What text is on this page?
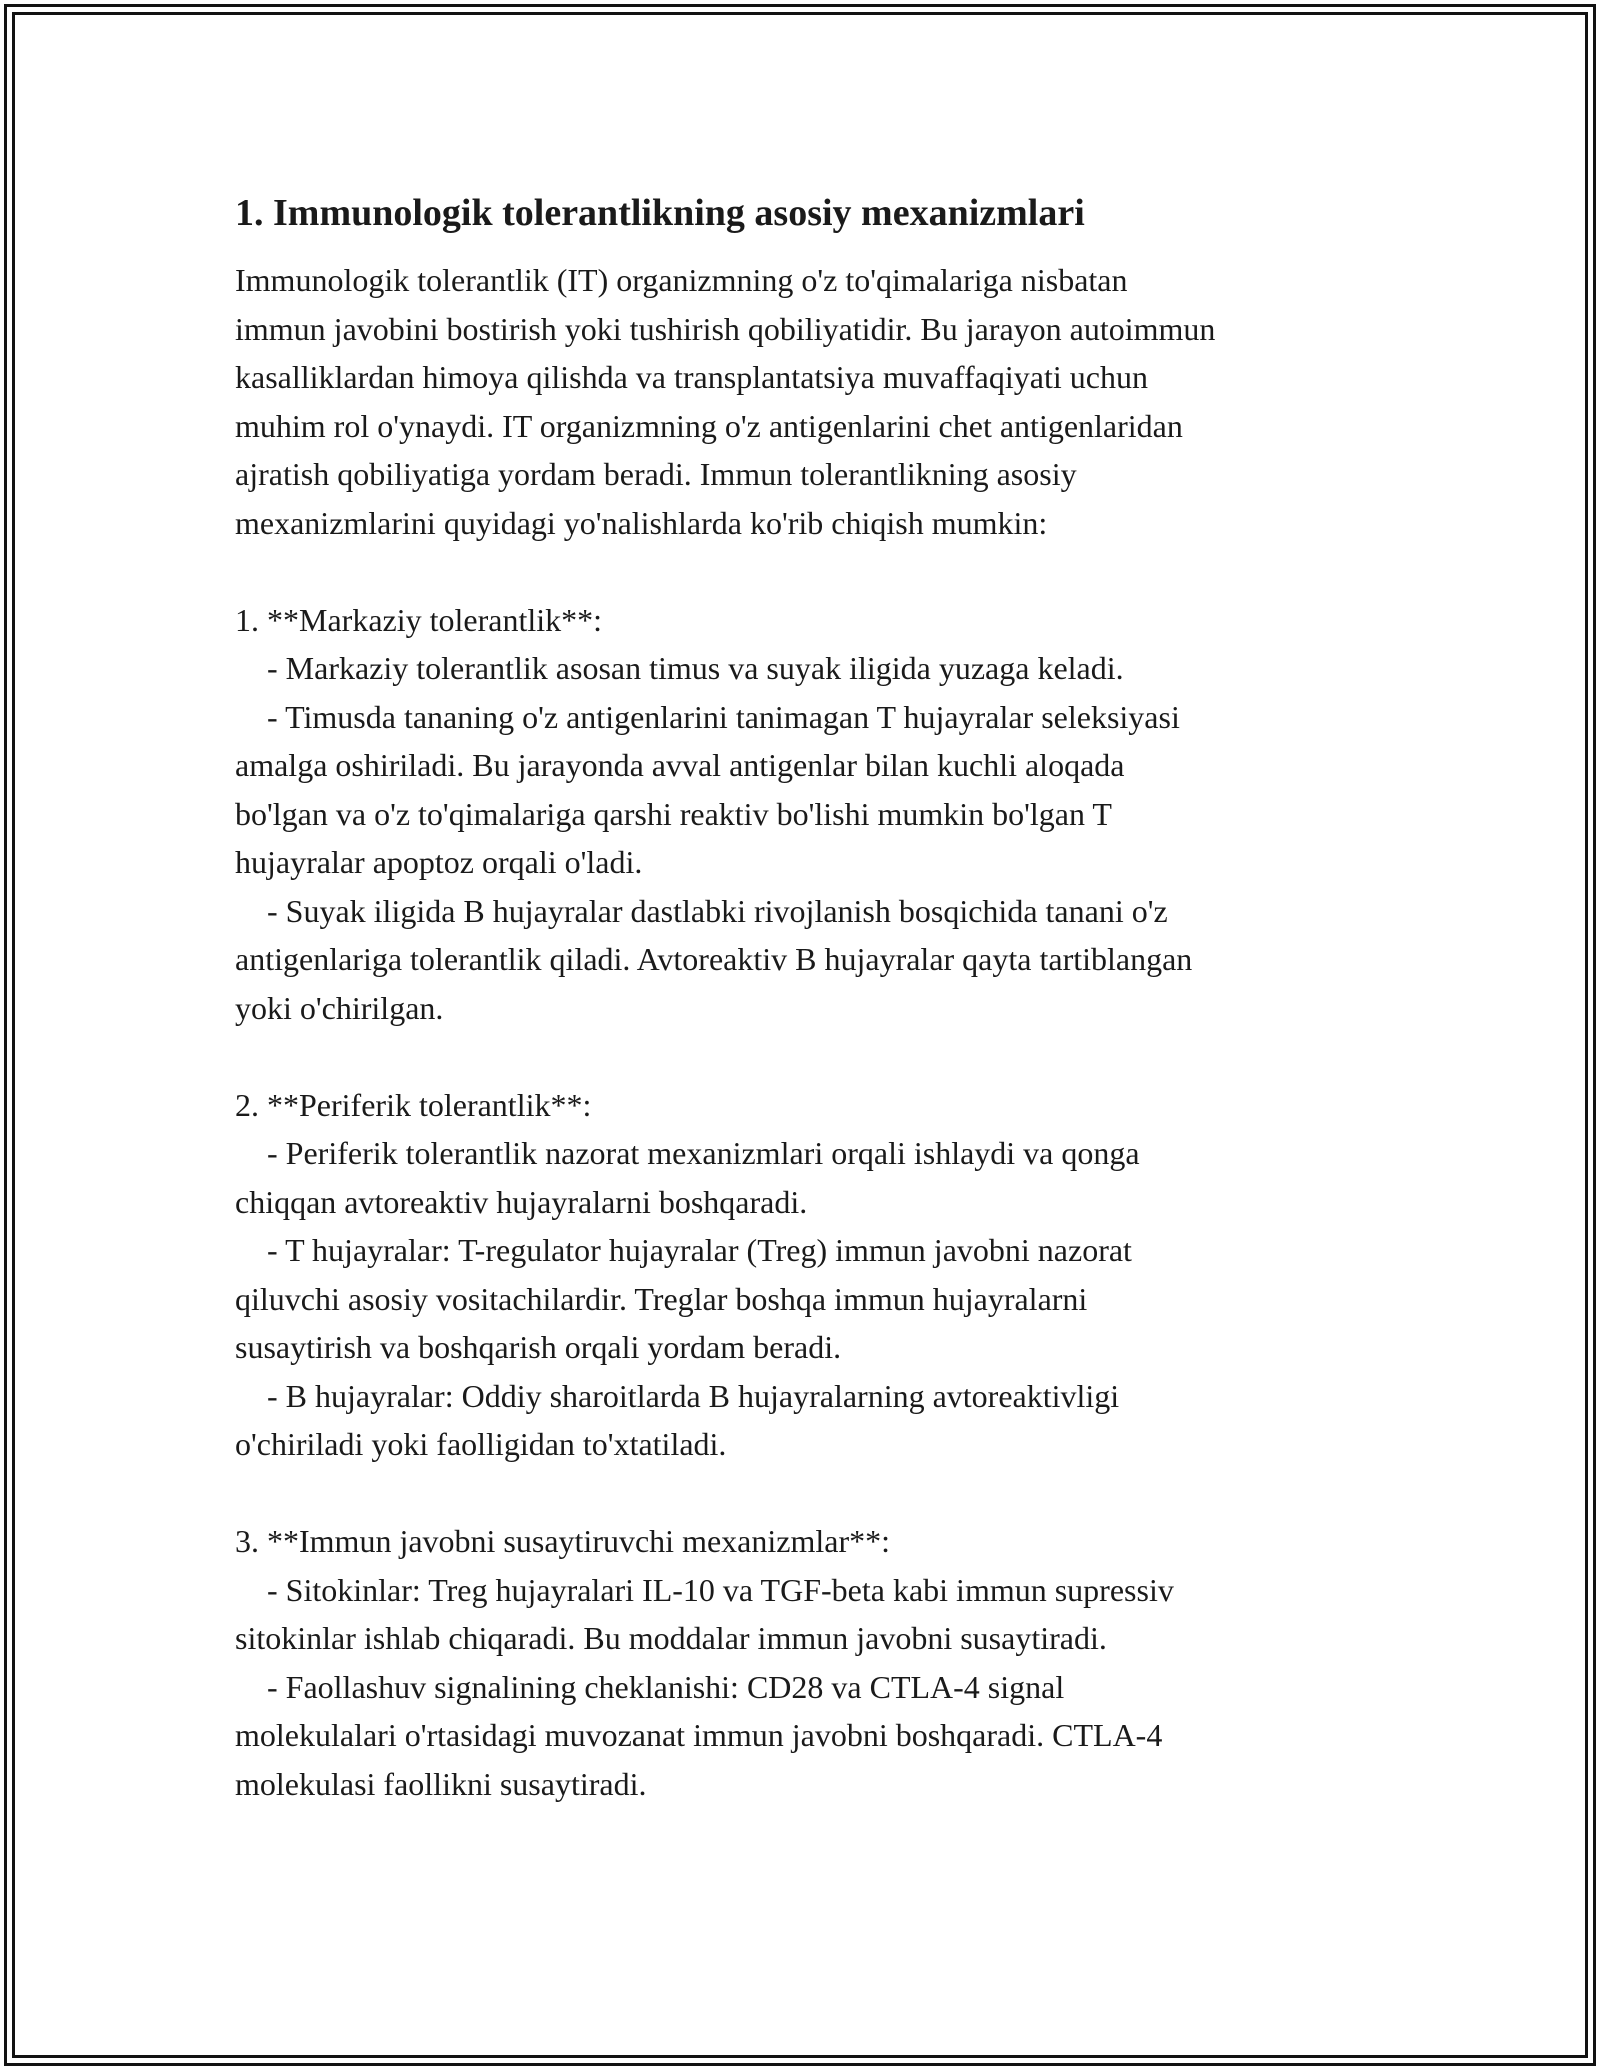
1. Immunologik tolerantlikning asosiy mexanizmlari

Immunologik tolerantlik (IT) organizmning o'z to'qimalariga nisbatan
immun javobini bostirish yoki tushirish qobiliyatidir. Bu jarayon autoimmun
kasalliklardan himoya qilishda va transplantatsiya muvaffaqiyati uchun
muhim rol o'ynaydi. IT organizmning o'z antigenlarini chet antigenlaridan
ajratish qobiliyatiga yordam beradi. Immun tolerantlikning asosiy
mexanizmlarini quyidagi yo'nalishlarda ko'rib chiqish mumkin:

1. **Markaziy tolerantlik**:
- Markaziy tolerantlik asosan timus va suyak iligida yuzaga keladi.
- Timusda tananing o'z antigenlarini tanimagan T hujayralar seleksiyasi
amalga oshiriladi. Bu jarayonda avval antigenlar bilan kuchli aloqada
bo'lgan va o'z to'qimalariga qarshi reaktiv bo'lishi mumkin bo'lgan T
hujayralar apoptoz orqali o'ladi.
- Suyak iligida B hujayralar dastlabki rivojlanish bosqichida tanani o'z
antigenlariga tolerantlik qiladi. Avtoreaktiv B hujayralar qayta tartiblangan
yoki o'chirilgan.

2. **Periferik tolerantlik**:
- Periferik tolerantlik nazorat mexanizmlari orqali ishlaydi va qonga
chiqqan avtoreaktiv hujayralarni boshqaradi.
- T hujayralar: T-regulator hujayralar (Treg) immun javobni nazorat
qiluvchi asosiy vositachilardir. Treglar boshqa immun hujayralarni
susaytirish va boshqarish orqali yordam beradi.
- B hujayralar: Oddiy sharoitlarda B hujayralarning avtoreaktivligi
o'chiriladi yoki faolligidan to'xtatiladi.

3. **Immun javobni susaytiruvchi mexanizmlar**:
- Sitokinlar: Treg hujayralari IL-10 va TGF-beta kabi immun supressiv
sitokinlar ishlab chiqaradi. Bu moddalar immun javobni susaytiradi.
- Faollashuv signalining cheklanishi: CD28 va CTLA-4 signal
molekulalari o'rtasidagi muvozanat immun javobni boshqaradi. CTLA-4
molekulasi faollikni susaytiradi.
